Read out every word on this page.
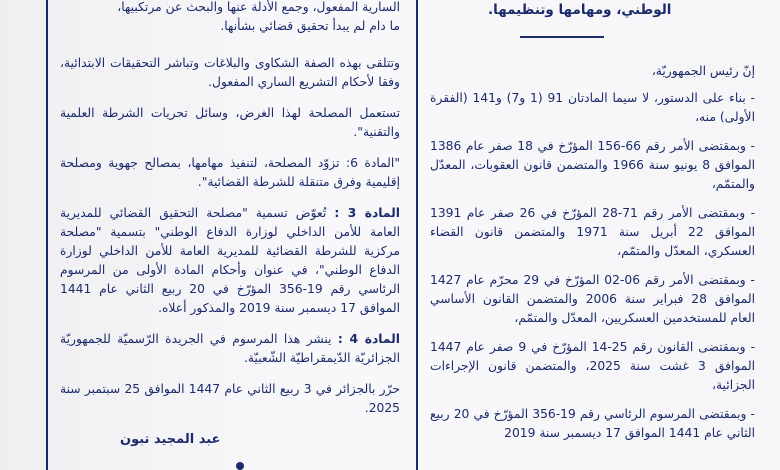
السارية المفعول، وجمع الأدلة عنها والبحث عن مرتكبيها،

ما دام لم يبدأ تحقيق قضائي بشأنها.

وتتلقى بهذه الصفة الشكاوى والبلاغات وتباشر التحقيقات الابتدائية، وفقا لأحكام التشريع الساري المفعول.

تستعمل المصلحة لهذا الغرض، وسائل تحريات الشرطة العلمية والتقنية".

"المادة 6: تزوّد المصلحة، لتنفيذ مهامها، بمصالح جهوية ومصلحة إقليمية وفرق متنقلة للشرطة القضائية".

المادة 3 : تُعوّض تسمية "مصلحة التحقيق القضائي للمديرية العامة للأمن الداخلي لوزارة الدفاع الوطني" بتسمية "مصلحة مركزية للشرطة القضائية للمديرية العامة للأمن الداخلي لوزارة الدفاع الوطني"، في عنوان وأحكام المادة الأولى من المرسوم الرئاسي رقم 19-356 المؤرّخ في 20 ربيع الثاني عام 1441 الموافق 17 ديسمبر سنة 2019 والمذكور أعلاه.

المادة 4 : ينشر هذا المرسوم في الجريدة الرّسميّة للجمهوريّة الجزائريّة الدّيمقراطيّة الشّعبيّة.

حرّر بالجزائر في 3 ربيع الثاني عام 1447 الموافق 25 سبتمبر سنة 2025.

عبد المجيد تبون
الوطني، ومهامها وتنظيمها.

إنّ رئيس الجمهوريّة،

- بناء على الدستور، لا سيما المادتان 91 (1 و7) و141 (الفقرة الأولى) منه،

- وبمقتضى الأمر رقم 66-156 المؤرّخ في 18 صفر عام 1386 الموافق 8 يونيو سنة 1966 والمتضمن قانون العقوبات، المعدّل والمتمّم،

- وبمقتضى الأمر رقم 71-28 المؤرّخ في 26 صفر عام 1391 الموافق 22 أبريل سنة 1971 والمتضمن قانون القضاء العسكري، المعدّل والمتمّم،

- وبمقتضى الأمر رقم 06-02 المؤرّخ في 29 محرّم عام 1427 الموافق 28 فبراير سنة 2006 والمتضمن القانون الأساسي العام للمستخدمين العسكريين، المعدّل والمتمّم،

- وبمقتضى القانون رقم 25-14 المؤرّخ في 9 صفر عام 1447 الموافق 3 غشت سنة 2025، والمتضمن قانون الإجراءات الجزائية،

- وبمقتضى المرسوم الرئاسي رقم 19-356 المؤرّخ في 20 ربيع الثاني عام 1441 الموافق 17 ديسمبر سنة 2019
